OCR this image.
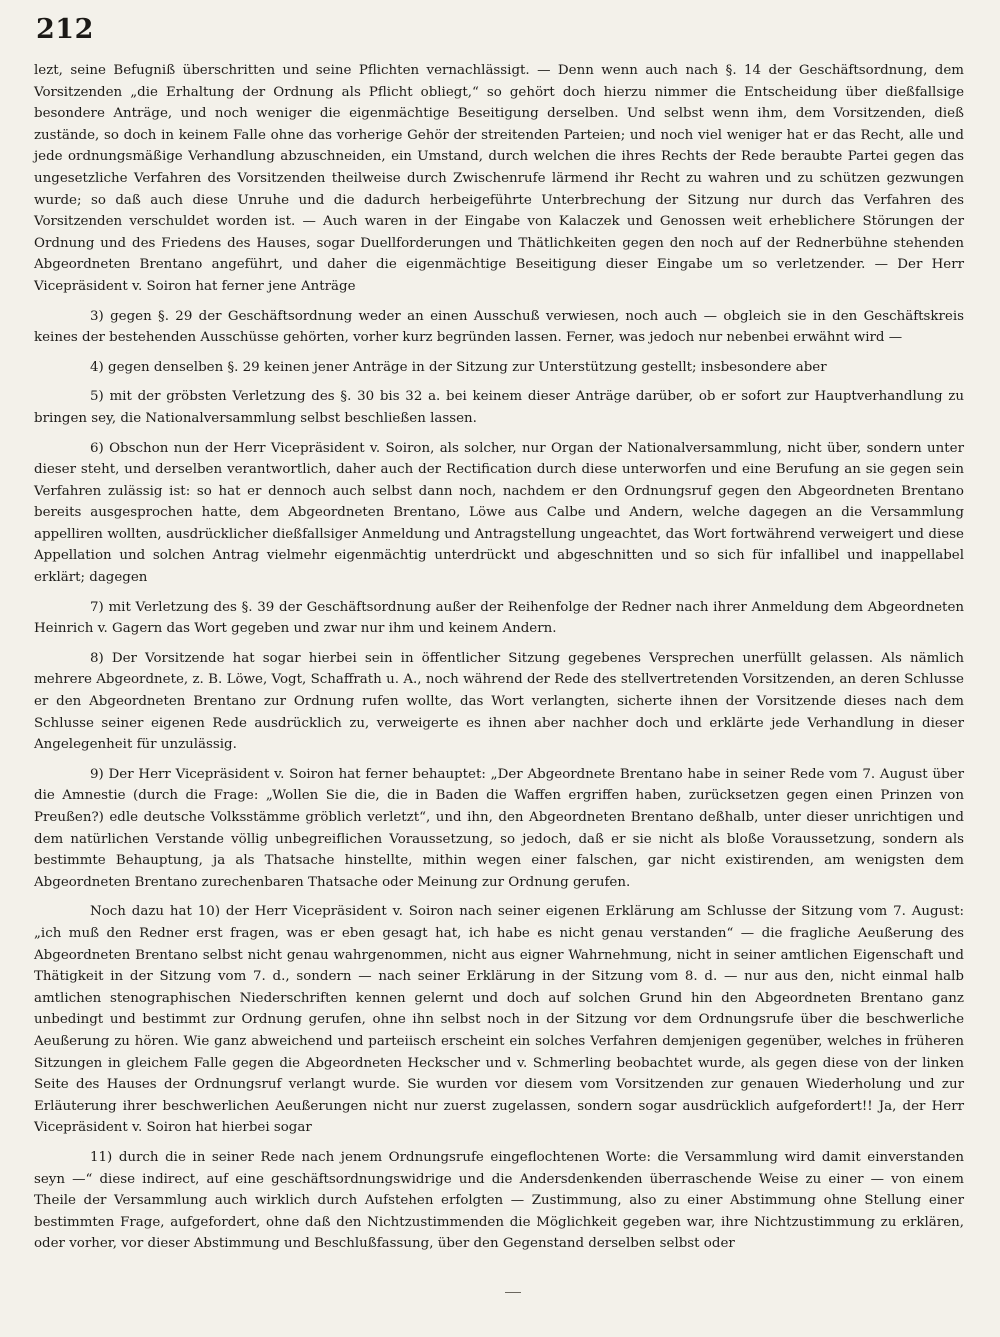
212

lezt, seine Befugniß überschritten und seine Pflichten vernachlässigt. — Denn wenn auch nach §. 14 der Geschäftsordnung, dem Vorsitzenden „die Erhaltung der Ordnung als Pflicht obliegt,“ so gehört doch hierzu nimmer die Entscheidung über dießfallsige besondere Anträge, und noch weniger die eigenmächtige Beseitigung derselben. Und selbst wenn ihm, dem Vorsitzenden, dieß zustände, so doch in keinem Falle ohne das vorherige Gehör der streitenden Parteien; und noch viel weniger hat er das Recht, alle und jede ordnungsmäßige Verhandlung abzuschneiden, ein Umstand, durch welchen die ihres Rechts der Rede beraubte Partei gegen das ungesetzliche Verfahren des Vorsitzenden theilweise durch Zwischenrufe lärmend ihr Recht zu wahren und zu schützen gezwungen wurde; so daß auch diese Unruhe und die dadurch herbeigeführte Unterbrechung der Sitzung nur durch das Verfahren des Vorsitzenden verschuldet worden ist. — Auch waren in der Eingabe von Kalaczek und Genossen weit erheblichere Störungen der Ordnung und des Friedens des Hauses, sogar Duellforderungen und Thätlichkeiten gegen den noch auf der Rednerbühne stehenden Abgeordneten Brentano angeführt, und daher die eigenmächtige Beseitigung dieser Eingabe um so verletzender. — Der Herr Vicepräsident v. Soiron hat ferner jene Anträge

3) gegen §. 29 der Geschäftsordnung weder an einen Ausschuß verwiesen, noch auch — obgleich sie in den Geschäftskreis keines der bestehenden Ausschüsse gehörten, vorher kurz begründen lassen. Ferner, was jedoch nur nebenbei erwähnt wird —

4) gegen denselben §. 29 keinen jener Anträge in der Sitzung zur Unterstützung gestellt; insbesondere aber

5) mit der gröbsten Verletzung des §. 30 bis 32 a. bei keinem dieser Anträge darüber, ob er sofort zur Hauptverhandlung zu bringen sey, die Nationalversammlung selbst beschließen lassen.

6) Obschon nun der Herr Vicepräsident v. Soiron, als solcher, nur Organ der Nationalversammlung, nicht über, sondern unter dieser steht, und derselben verantwortlich, daher auch der Rectification durch diese unterworfen und eine Berufung an sie gegen sein Verfahren zulässig ist: so hat er dennoch auch selbst dann noch, nachdem er den Ordnungsruf gegen den Abgeordneten Brentano bereits ausgesprochen hatte, dem Abgeordneten Brentano, Löwe aus Calbe und Andern, welche dagegen an die Versammlung appelliren wollten, ausdrücklicher dießfallsiger Anmeldung und Antragstellung ungeachtet, das Wort fortwährend verweigert und diese Appellation und solchen Antrag vielmehr eigenmächtig unterdrückt und abgeschnitten und so sich für infallibel und inappellabel erklärt; dagegen

7) mit Verletzung des §. 39 der Geschäftsordnung außer der Reihenfolge der Redner nach ihrer Anmeldung dem Abgeordneten Heinrich v. Gagern das Wort gegeben und zwar nur ihm und keinem Andern.

8) Der Vorsitzende hat sogar hierbei sein in öffentlicher Sitzung gegebenes Versprechen unerfüllt gelassen. Als nämlich mehrere Abgeordnete, z. B. Löwe, Vogt, Schaffrath u. A., noch während der Rede des stellvertretenden Vorsitzenden, an deren Schlusse er den Abgeordneten Brentano zur Ordnung rufen wollte, das Wort verlangten, sicherte ihnen der Vorsitzende dieses nach dem Schlusse seiner eigenen Rede ausdrücklich zu, verweigerte es ihnen aber nachher doch und erklärte jede Verhandlung in dieser Angelegenheit für unzulässig.

9) Der Herr Vicepräsident v. Soiron hat ferner behauptet: „Der Abgeordnete Brentano habe in seiner Rede vom 7. August über die Amnestie (durch die Frage: „Wollen Sie die, die in Baden die Waffen ergriffen haben, zurücksetzen gegen einen Prinzen von Preußen?) edle deutsche Volksstämme gröblich verletzt“, und ihn, den Abgeordneten Brentano deßhalb, unter dieser unrichtigen und dem natürlichen Verstande völlig unbegreiflichen Voraussetzung, so jedoch, daß er sie nicht als bloße Voraussetzung, sondern als bestimmte Behauptung, ja als Thatsache hinstellte, mithin wegen einer falschen, gar nicht existirenden, am wenigsten dem Abgeordneten Brentano zurechenbaren Thatsache oder Meinung zur Ordnung gerufen.

Noch dazu hat 10) der Herr Vicepräsident v. Soiron nach seiner eigenen Erklärung am Schlusse der Sitzung vom 7. August: „ich muß den Redner erst fragen, was er eben gesagt hat, ich habe es nicht genau verstanden“ — die fragliche Aeußerung des Abgeordneten Brentano selbst nicht genau wahrgenommen, nicht aus eigner Wahrnehmung, nicht in seiner amtlichen Eigenschaft und Thätigkeit in der Sitzung vom 7. d., sondern — nach seiner Erklärung in der Sitzung vom 8. d. — nur aus den, nicht einmal halb amtlichen stenographischen Niederschriften kennen gelernt und doch auf solchen Grund hin den Abgeordneten Brentano ganz unbedingt und bestimmt zur Ordnung gerufen, ohne ihn selbst noch in der Sitzung vor dem Ordnungsrufe über die beschwerliche Aeußerung zu hören. Wie ganz abweichend und parteiisch erscheint ein solches Verfahren demjenigen gegenüber, welches in früheren Sitzungen in gleichem Falle gegen die Abgeordneten Heckscher und v. Schmerling beobachtet wurde, als gegen diese von der linken Seite des Hauses der Ordnungsruf verlangt wurde. Sie wurden vor diesem vom Vorsitzenden zur genauen Wiederholung und zur Erläuterung ihrer beschwerlichen Aeußerungen nicht nur zuerst zugelassen, sondern sogar ausdrücklich aufgefordert!! Ja, der Herr Vicepräsident v. Soiron hat hierbei sogar

11) durch die in seiner Rede nach jenem Ordnungsrufe eingeflochtenen Worte: die Versammlung wird damit einverstanden seyn —“ diese indirect, auf eine geschäftsordnungswidrige und die Andersdenkenden überraschende Weise zu einer — von einem Theile der Versammlung auch wirklich durch Aufstehen erfolgten — Zustimmung, also zu einer Abstimmung ohne Stellung einer bestimmten Frage, aufgefordert, ohne daß den Nichtzustimmenden die Möglichkeit gegeben war, ihre Nichtzustimmung zu erklären, oder vorher, vor dieser Abstimmung und Beschlußfassung, über den Gegenstand derselben selbst oder
